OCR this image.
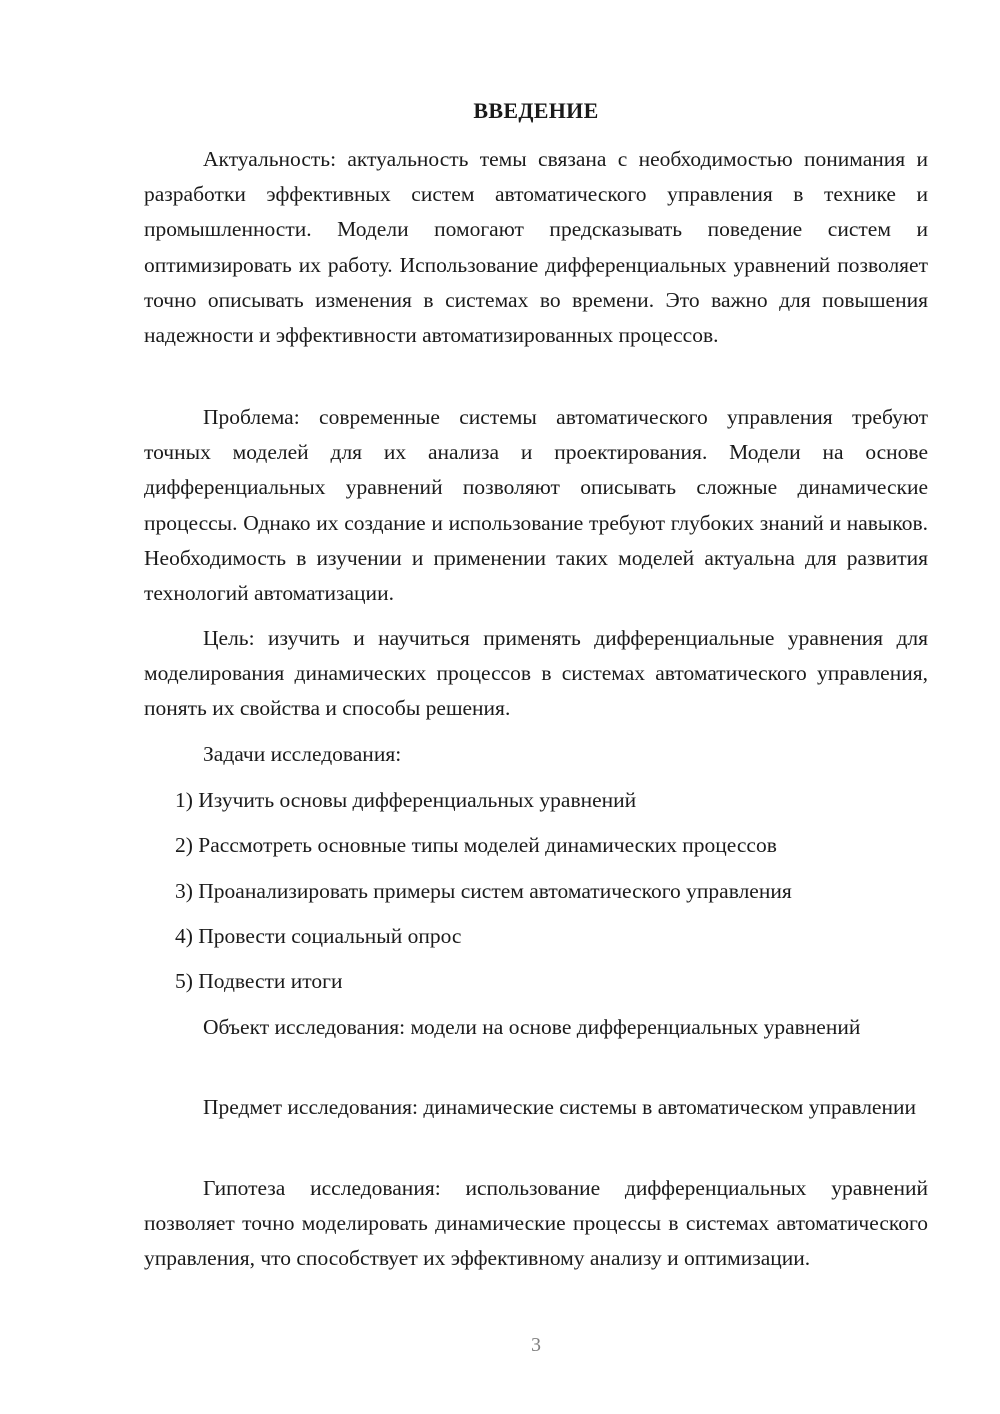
ВВЕДЕНИЕ

Актуальность: актуальность темы связана с необходимостью понимания и разработки эффективных систем автоматического управления в технике и промышленности. Модели помогают предсказывать поведение систем и оптимизировать их работу. Использование дифференциальных уравнений позволяет точно описывать изменения в системах во времени. Это важно для повышения надежности и эффективности автоматизированных процессов.

Проблема: современные системы автоматического управления требуют точных моделей для их анализа и проектирования. Модели на основе дифференциальных уравнений позволяют описывать сложные динамические процессы. Однако их создание и использование требуют глубоких знаний и навыков. Необходимость в изучении и применении таких моделей актуальна для развития технологий автоматизации.

Цель: изучить и научиться применять дифференциальные уравнения для моделирования динамических процессов в системах автоматического управления, понять их свойства и способы решения.

Задачи исследования:

1) Изучить основы дифференциальных уравнений

2) Рассмотреть основные типы моделей динамических процессов

3) Проанализировать примеры систем автоматического управления

4) Провести социальный опрос

5) Подвести итоги

Объект исследования: модели на основе дифференциальных уравнений

Предмет исследования: динамические системы в автоматическом управлении

Гипотеза исследования: использование дифференциальных уравнений позволяет точно моделировать динамические процессы в системах автоматического управления, что способствует их эффективному анализу и оптимизации.

3
